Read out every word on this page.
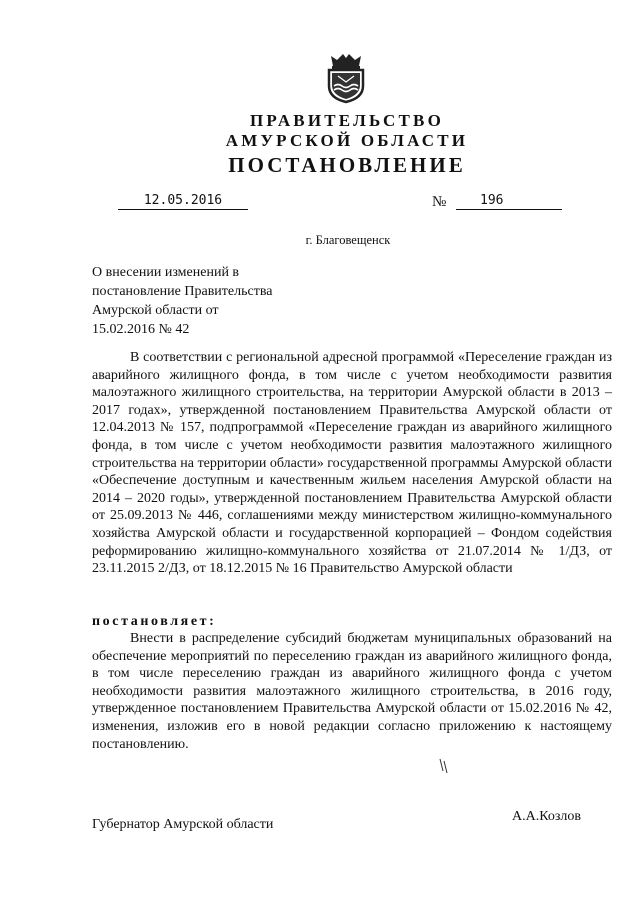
ПРАВИТЕЛЬСТВО
АМУРСКОЙ ОБЛАСТИ
ПОСТАНОВЛЕНИЕ
12.05.2016	№	196
г. Благовещенск
О внесении изменений в
постановление Правительства
Амурской области от
15.02.2016 № 42

В соответствии с региональной адресной программой «Переселение граждан из аварийного жилищного фонда, в том числе с учетом необходимости развития малоэтажного жилищного строительства, на территории Амурской области в 2013 – 2017 годах», утвержденной постановлением Правительства Амурской области от 12.04.2013 № 157, подпрограммой «Переселение граждан из аварийного жилищного фонда, в том числе с учетом необходимости развития малоэтажного жилищного строительства на территории области» государственной программы Амурской области «Обеспечение доступным и качественным жильем населения Амурской области на 2014 – 2020 годы», утвержденной постановлением Правительства Амурской области от 25.09.2013 № 446, соглашениями между министерством жилищно-коммунального хозяйства Амурской области и государственной корпорацией – Фондом содействия реформированию жилищно-коммунального хозяйства от 21.07.2014 № 1/ДЗ, от 23.11.2015 2/ДЗ, от 18.12.2015 № 16 Правительство Амурской области

постановляет:

Внести в распределение субсидий бюджетам муниципальных образований на обеспечение мероприятий по переселению граждан из аварийного жилищного фонда, в том числе переселению граждан из аварийного жилищного фонда с учетом необходимости развития малоэтажного жилищного строительства, в 2016 году, утвержденное постановлением Правительства Амурской области от 15.02.2016 № 42, изменения, изложив его в новой редакции согласно приложению к настоящему постановлению.

Губернатор Амурской области
А.А.Козлов
